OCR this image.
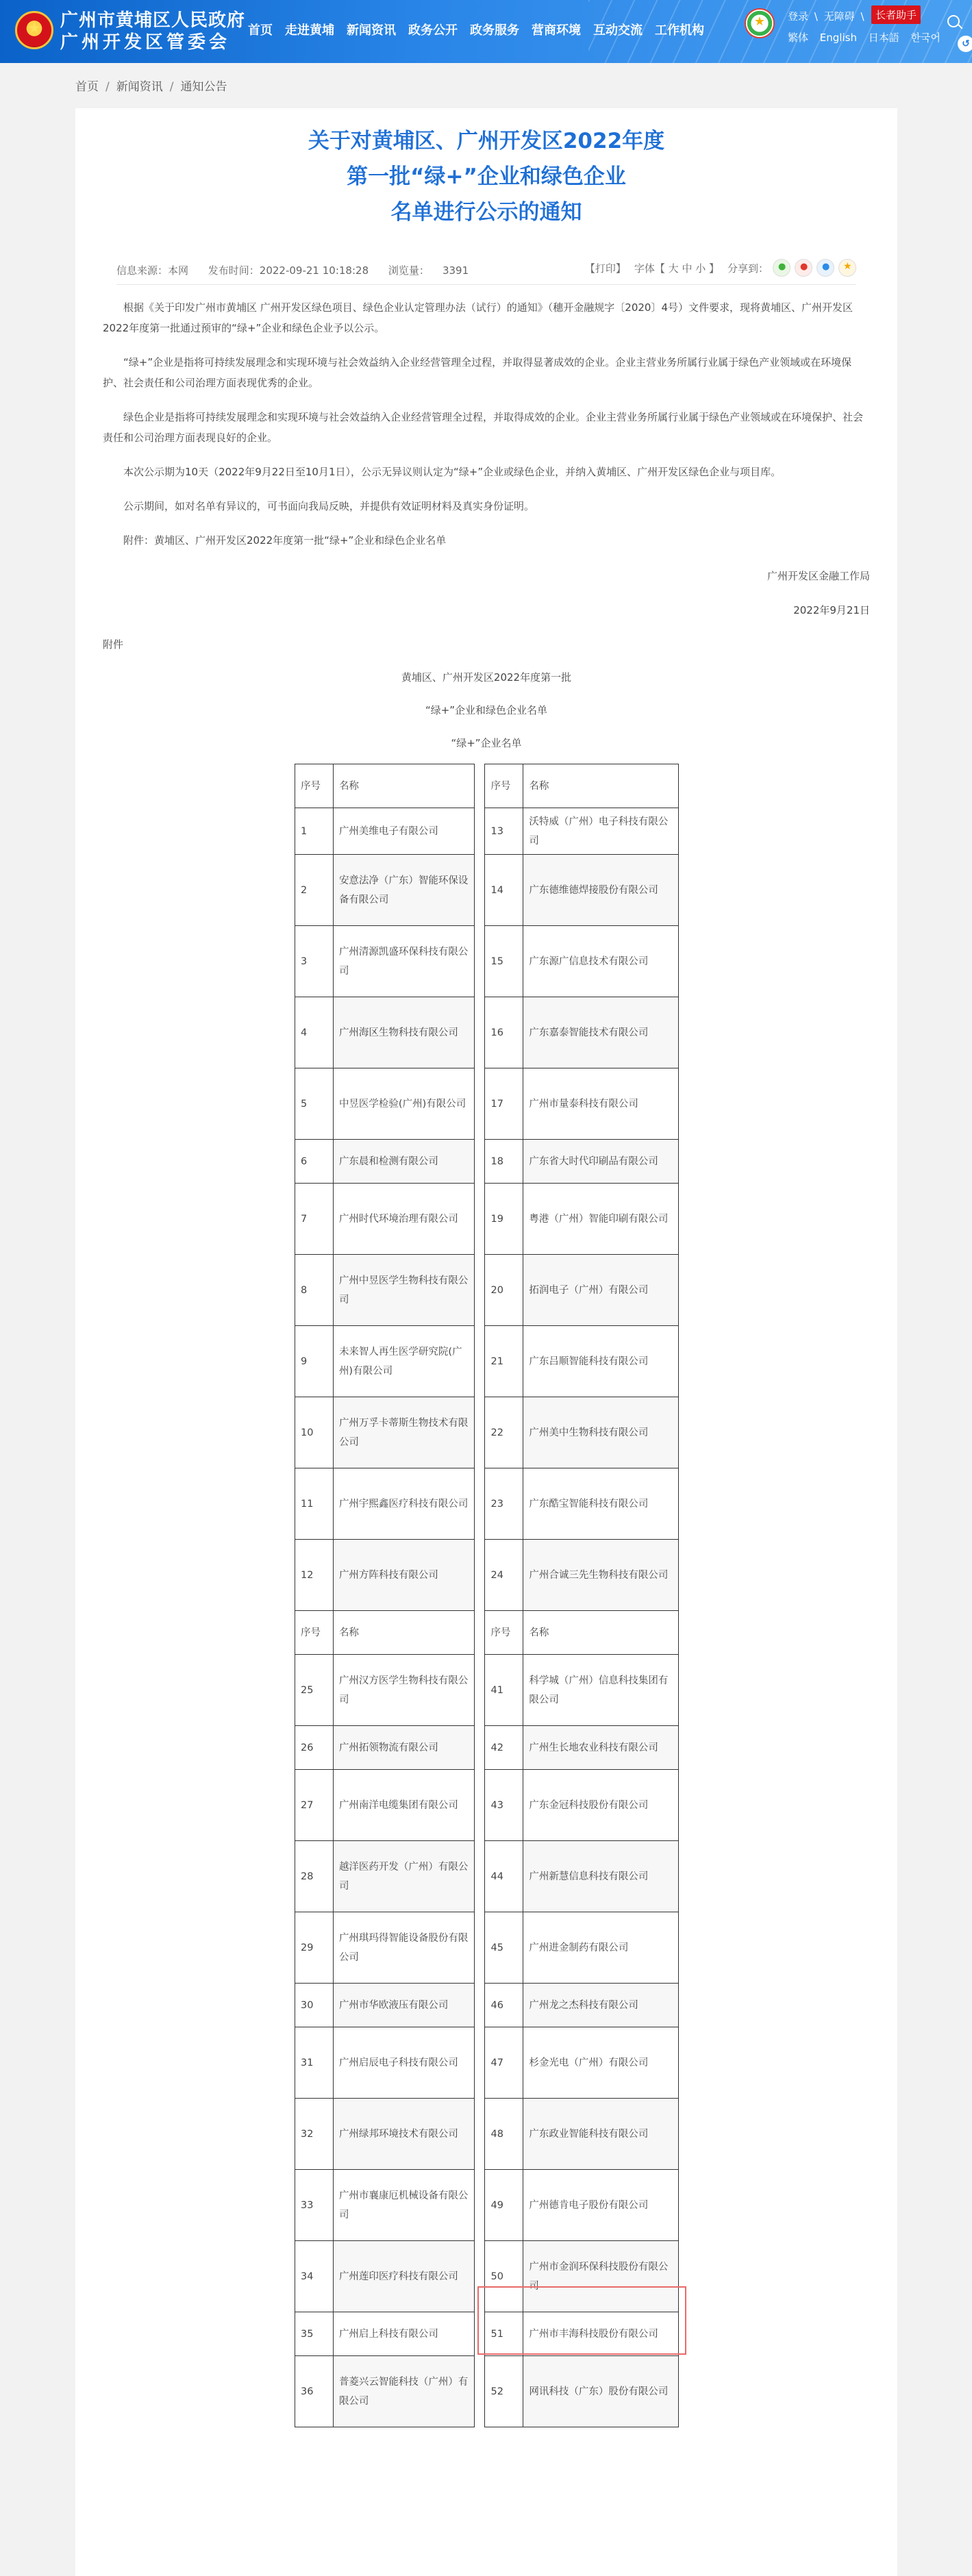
★
广州市黄埔区人民政府
广州开发区管委会
首页 走进黄埔 新闻资讯 政务公开 政务服务 营商环境 互动交流 工作机构
★
登录 \ 无障碍 \	长者助手
繁体 English 日本語 한국어	↺
首页 / 新闻资讯 / 通知公告
关于对黄埔区、广州开发区2022年度
第一批“绿+”企业和绿色企业
名单进行公示的通知
信息来源：本网 发布时间：2022-09-21 10:18:28 浏览量：    3391	【打印】 字体【 大 中 小 】 分享到：
●
●
●
★
根据《关于印发广州市黄埔区 广州开发区绿色项目、绿色企业认定管理办法（试行）的通知》（穗开金融规字〔2020〕4号）文件要求，现将黄埔区、广州开发区2022年度第一批通过预审的“绿+”企业和绿色企业予以公示。
“绿+”企业是指将可持续发展理念和实现环境与社会效益纳入企业经营管理全过程，并取得显著成效的企业。企业主营业务所属行业属于绿色产业领域或在环境保护、社会责任和公司治理方面表现优秀的企业。
绿色企业是指将可持续发展理念和实现环境与社会效益纳入企业经营管理全过程，并取得成效的企业。企业主营业务所属行业属于绿色产业领域或在环境保护、社会责任和公司治理方面表现良好的企业。
本次公示期为10天（2022年9月22日至10月1日），公示无异议则认定为“绿+”企业或绿色企业，并纳入黄埔区、广州开发区绿色企业与项目库。
公示期间，如对名单有异议的，可书面向我局反映，并提供有效证明材料及真实身份证明。
附件：黄埔区、广州开发区2022年度第一批“绿+”企业和绿色企业名单
广州开发区金融工作局
2022年9月21日
附件
黄埔区、广州开发区2022年度第一批
“绿+”企业和绿色企业名单
“绿+”企业名单
序号	名称		序号	名称
1	广州美维电子有限公司		13	沃特威（广州）电子科技有限公司
2	安意法净（广东）智能环保设备有限公司		14	广东德维德焊接股份有限公司
3	广州清源凯盛环保科技有限公司		15	广东源广信息技术有限公司
4	广州海区生物科技有限公司		16	广东嘉泰智能技术有限公司
5	中昱医学检验(广州)有限公司		17	广州市量泰科技有限公司
6	广东晨和检测有限公司		18	广东省大时代印刷品有限公司
7	广州时代环境治理有限公司		19	粤港（广州）智能印刷有限公司
8	广州中昱医学生物科技有限公司		20	拓润电子（广州）有限公司
9	未来智人再生医学研究院(广州)有限公司		21	广东吕顺智能科技有限公司
10	广州万孚卡蒂斯生物技术有限公司		22	广州美中生物科技有限公司
11	广州宇熙鑫医疗科技有限公司		23	广东酷宝智能科技有限公司
12	广州方阵科技有限公司		24	广州合诚三先生物科技有限公司
序号	名称		序号	名称
25	广州汉方医学生物科技有限公司		41	科学城（广州）信息科技集团有限公司
26	广州拓领物流有限公司		42	广州生长地农业科技有限公司
27	广州南洋电缆集团有限公司		43	广东金冠科技股份有限公司
28	越洋医药开发（广州）有限公司		44	广州新慧信息科技有限公司
29	广州琪玛得智能设备股份有限公司		45	广州进金制药有限公司
30	广州市华欧液压有限公司		46	广州龙之杰科技有限公司
31	广州启辰电子科技有限公司		47	杉金光电（广州）有限公司
32	广州绿邦环境技术有限公司		48	广东政业智能科技有限公司
33	广州市襄康厄机械设备有限公司		49	广州德肯电子股份有限公司
34	广州莲印医疗科技有限公司		50	广州市金润环保科技股份有限公司
35	广州启上科技有限公司		51	广州市丰海科技股份有限公司
36	普菱兴云智能科技（广州）有限公司		52	网讯科技（广东）股份有限公司
